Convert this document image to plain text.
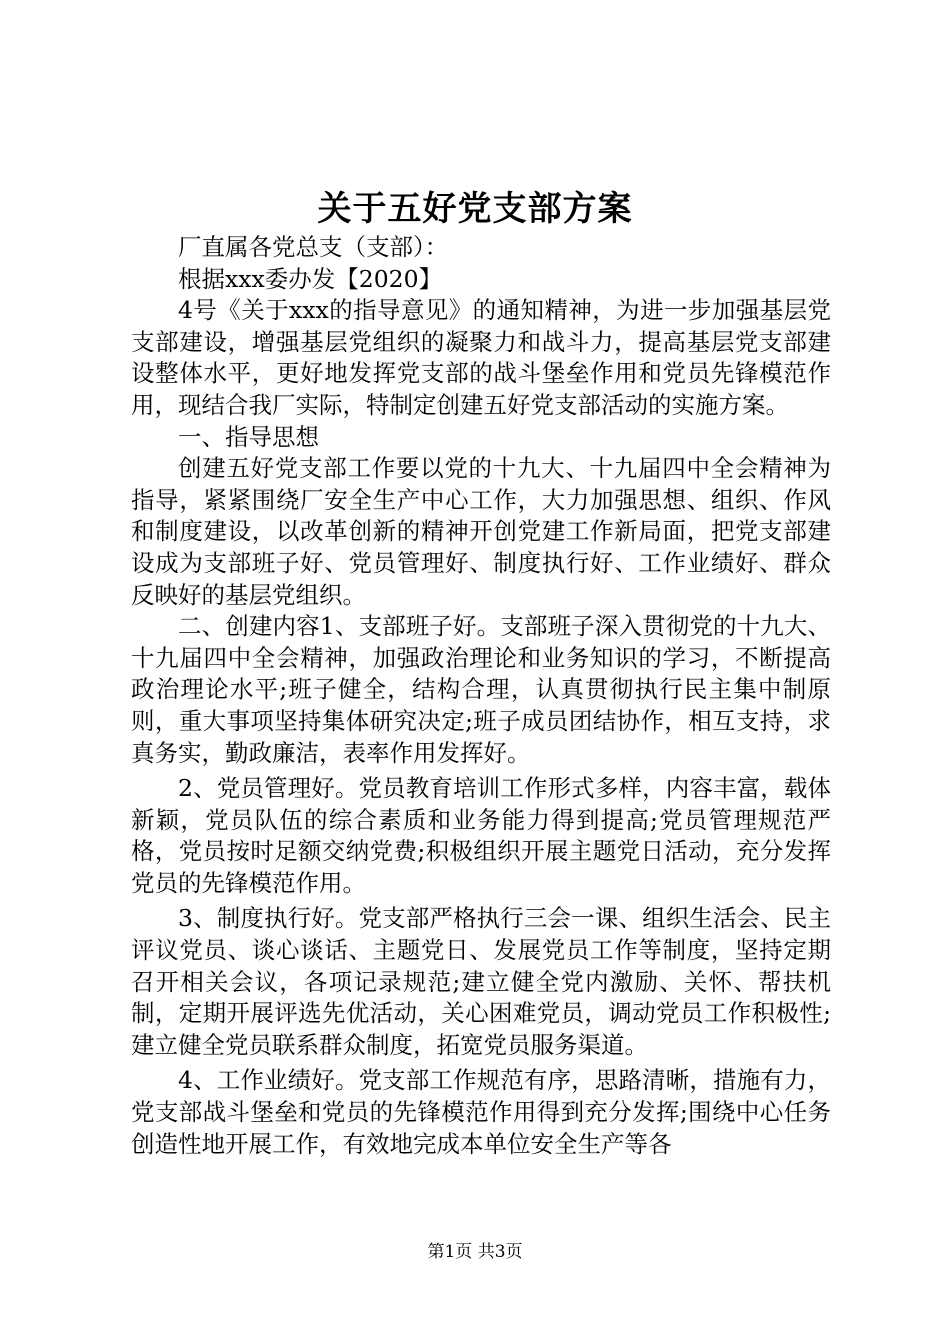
关于五好党支部方案

厂直属各党总支（支部）：

根据xxx委办发【2020】

4号《关于xxx的指导意见》的通知精神，为进一步加强基层党支部建设，增强基层党组织的凝聚力和战斗力，提高基层党支部建设整体水平，更好地发挥党支部的战斗堡垒作用和党员先锋模范作用，现结合我厂实际，特制定创建五好党支部活动的实施方案。

一、指导思想

创建五好党支部工作要以党的十九大、十九届四中全会精神为指导，紧紧围绕厂安全生产中心工作，大力加强思想、组织、作风和制度建设，以改革创新的精神开创党建工作新局面，把党支部建设成为支部班子好、党员管理好、制度执行好、工作业绩好、群众反映好的基层党组织。

二、创建内容1、支部班子好。支部班子深入贯彻党的十九大、十九届四中全会精神，加强政治理论和业务知识的学习，不断提高政治理论水平;班子健全，结构合理，认真贯彻执行民主集中制原则，重大事项坚持集体研究决定;班子成员团结协作，相互支持，求真务实，勤政廉洁，表率作用发挥好。

2、党员管理好。党员教育培训工作形式多样，内容丰富，载体新颖，党员队伍的综合素质和业务能力得到提高;党员管理规范严格，党员按时足额交纳党费;积极组织开展主题党日活动，充分发挥党员的先锋模范作用。

3、制度执行好。党支部严格执行三会一课、组织生活会、民主评议党员、谈心谈话、主题党日、发展党员工作等制度，坚持定期召开相关会议，各项记录规范;建立健全党内激励、关怀、帮扶机制，定期开展评选先优活动，关心困难党员，调动党员工作积极性;建立健全党员联系群众制度，拓宽党员服务渠道。

4、工作业绩好。党支部工作规范有序，思路清晰，措施有力，党支部战斗堡垒和党员的先锋模范作用得到充分发挥;围绕中心任务创造性地开展工作，有效地完成本单位安全生产等各

第1页 共3页
